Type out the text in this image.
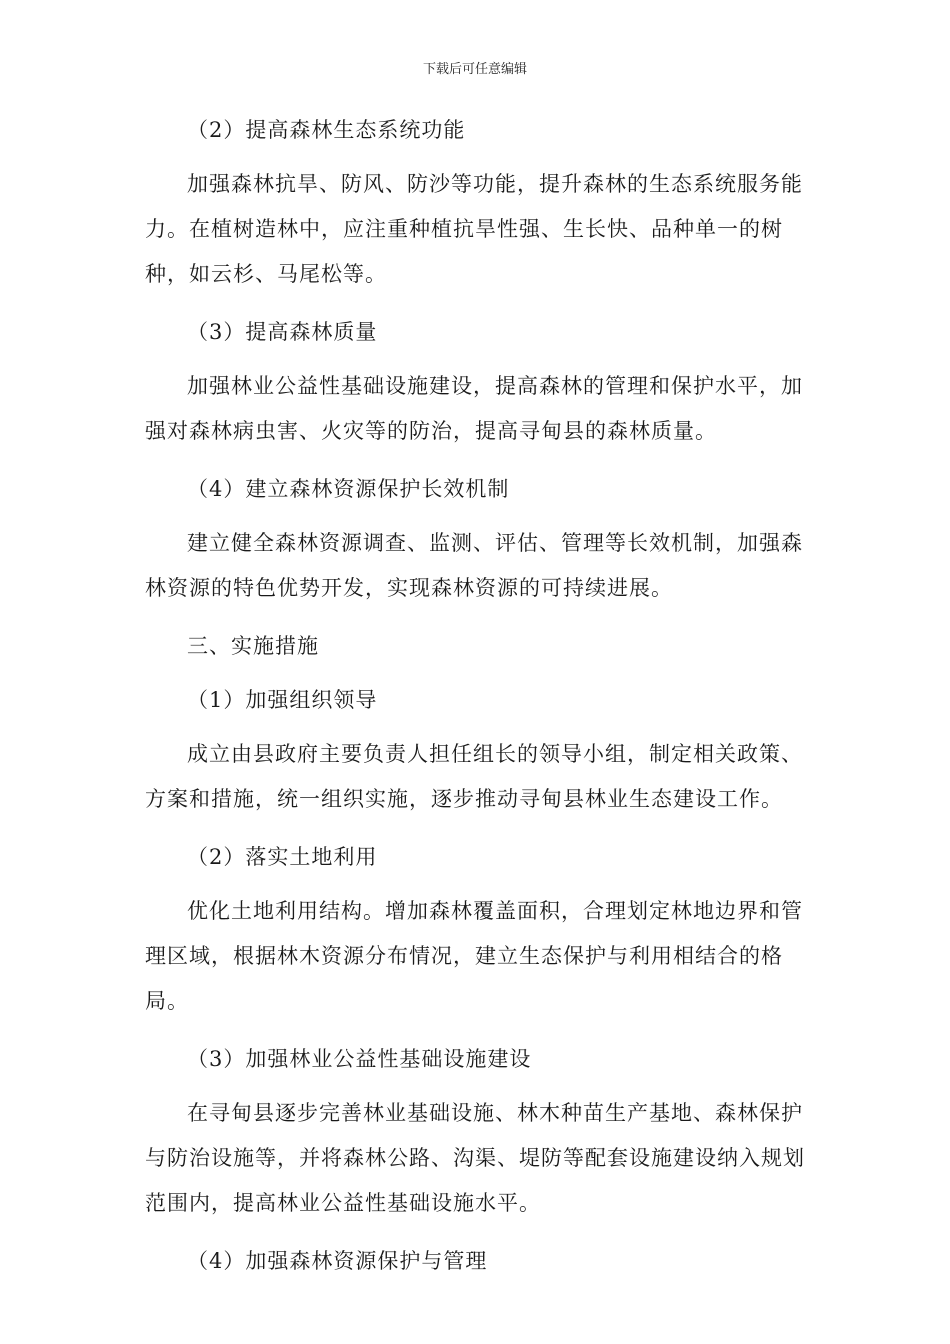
下载后可任意编辑

（2）提高森林生态系统功能

加强森林抗旱、防风、防沙等功能，提升森林的生态系统服务能力。在植树造林中，应注重种植抗旱性强、生长快、品种单一的树种，如云杉、马尾松等。

（3）提高森林质量

加强林业公益性基础设施建设，提高森林的管理和保护水平，加强对森林病虫害、火灾等的防治，提高寻甸县的森林质量。

（4）建立森林资源保护长效机制

建立健全森林资源调查、监测、评估、管理等长效机制，加强森林资源的特色优势开发，实现森林资源的可持续进展。

三、实施措施

（1）加强组织领导

成立由县政府主要负责人担任组长的领导小组，制定相关政策、方案和措施，统一组织实施，逐步推动寻甸县林业生态建设工作。

（2）落实土地利用

优化土地利用结构。增加森林覆盖面积，合理划定林地边界和管理区域，根据林木资源分布情况，建立生态保护与利用相结合的格局。

（3）加强林业公益性基础设施建设

在寻甸县逐步完善林业基础设施、林木种苗生产基地、森林保护与防治设施等，并将森林公路、沟渠、堤防等配套设施建设纳入规划范围内，提高林业公益性基础设施水平。

（4）加强森林资源保护与管理
